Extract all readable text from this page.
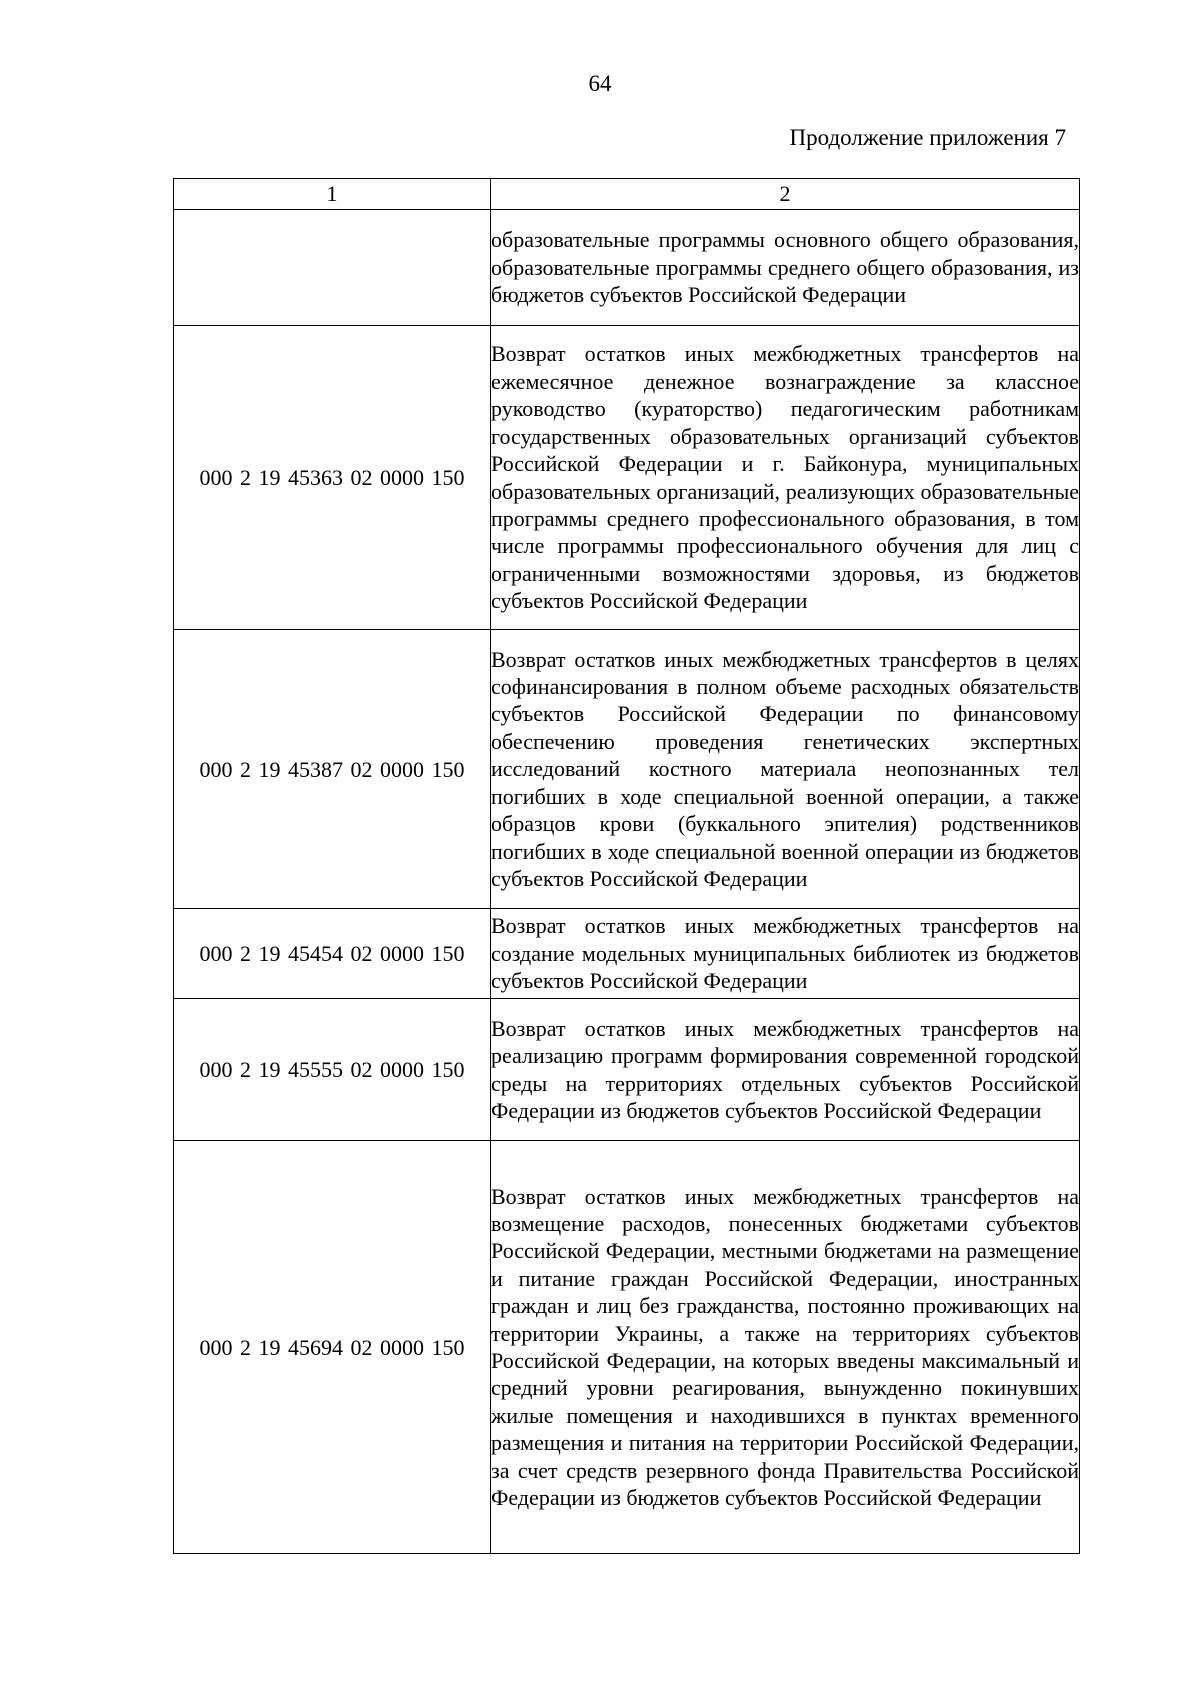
64
Продолжение приложения 7
1	2
	образовательные программы основного общего образования, образовательные программы среднего общего образования, из бюджетов субъектов Российской Федерации
000 2 19 45363 02 0000 150	Возврат остатков иных межбюджетных трансфертов на ежемесячное денежное вознаграждение за классное руководство (кураторство) педагогическим работникам государственных образовательных организаций субъектов Российской Федерации и г. Байконура, муниципальных образовательных организаций, реализующих образовательные программы среднего профессионального образования, в том числе программы профессионального обучения для лиц с ограниченными возможностями здоровья, из бюджетов субъектов Российской Федерации
000 2 19 45387 02 0000 150	Возврат остатков иных межбюджетных трансфертов в целях софинансирования в полном объеме расходных обязательств субъектов Российской Федерации по финансовому обеспечению проведения генетических экспертных исследований костного материала неопознанных тел погибших в ходе специальной военной операции, а также образцов крови (буккального эпителия) родственников погибших в ходе специальной военной операции из бюджетов субъектов Российской Федерации
000 2 19 45454 02 0000 150	Возврат остатков иных межбюджетных трансфертов на создание модельных муниципальных библиотек из бюджетов субъектов Российской Федерации
000 2 19 45555 02 0000 150	Возврат остатков иных межбюджетных трансфертов на реализацию программ формирования современной городской среды на территориях отдельных субъектов Российской Федерации из бюджетов субъектов Российской Федерации
000 2 19 45694 02 0000 150	Возврат остатков иных межбюджетных трансфертов на возмещение расходов, понесенных бюджетами субъектов Российской Федерации, местными бюджетами на размещение и питание граждан Российской Федерации, иностранных граждан и лиц без гражданства, постоянно проживающих на территории Украины, а также на территориях субъектов Российской Федерации, на которых введены максимальный и средний уровни реагирования, вынужденно покинувших жилые помещения и находившихся в пунктах временного размещения и питания на территории Российской Федерации, за счет средств резервного фонда Правительства Российской Федерации из бюджетов субъектов Российской Федерации
